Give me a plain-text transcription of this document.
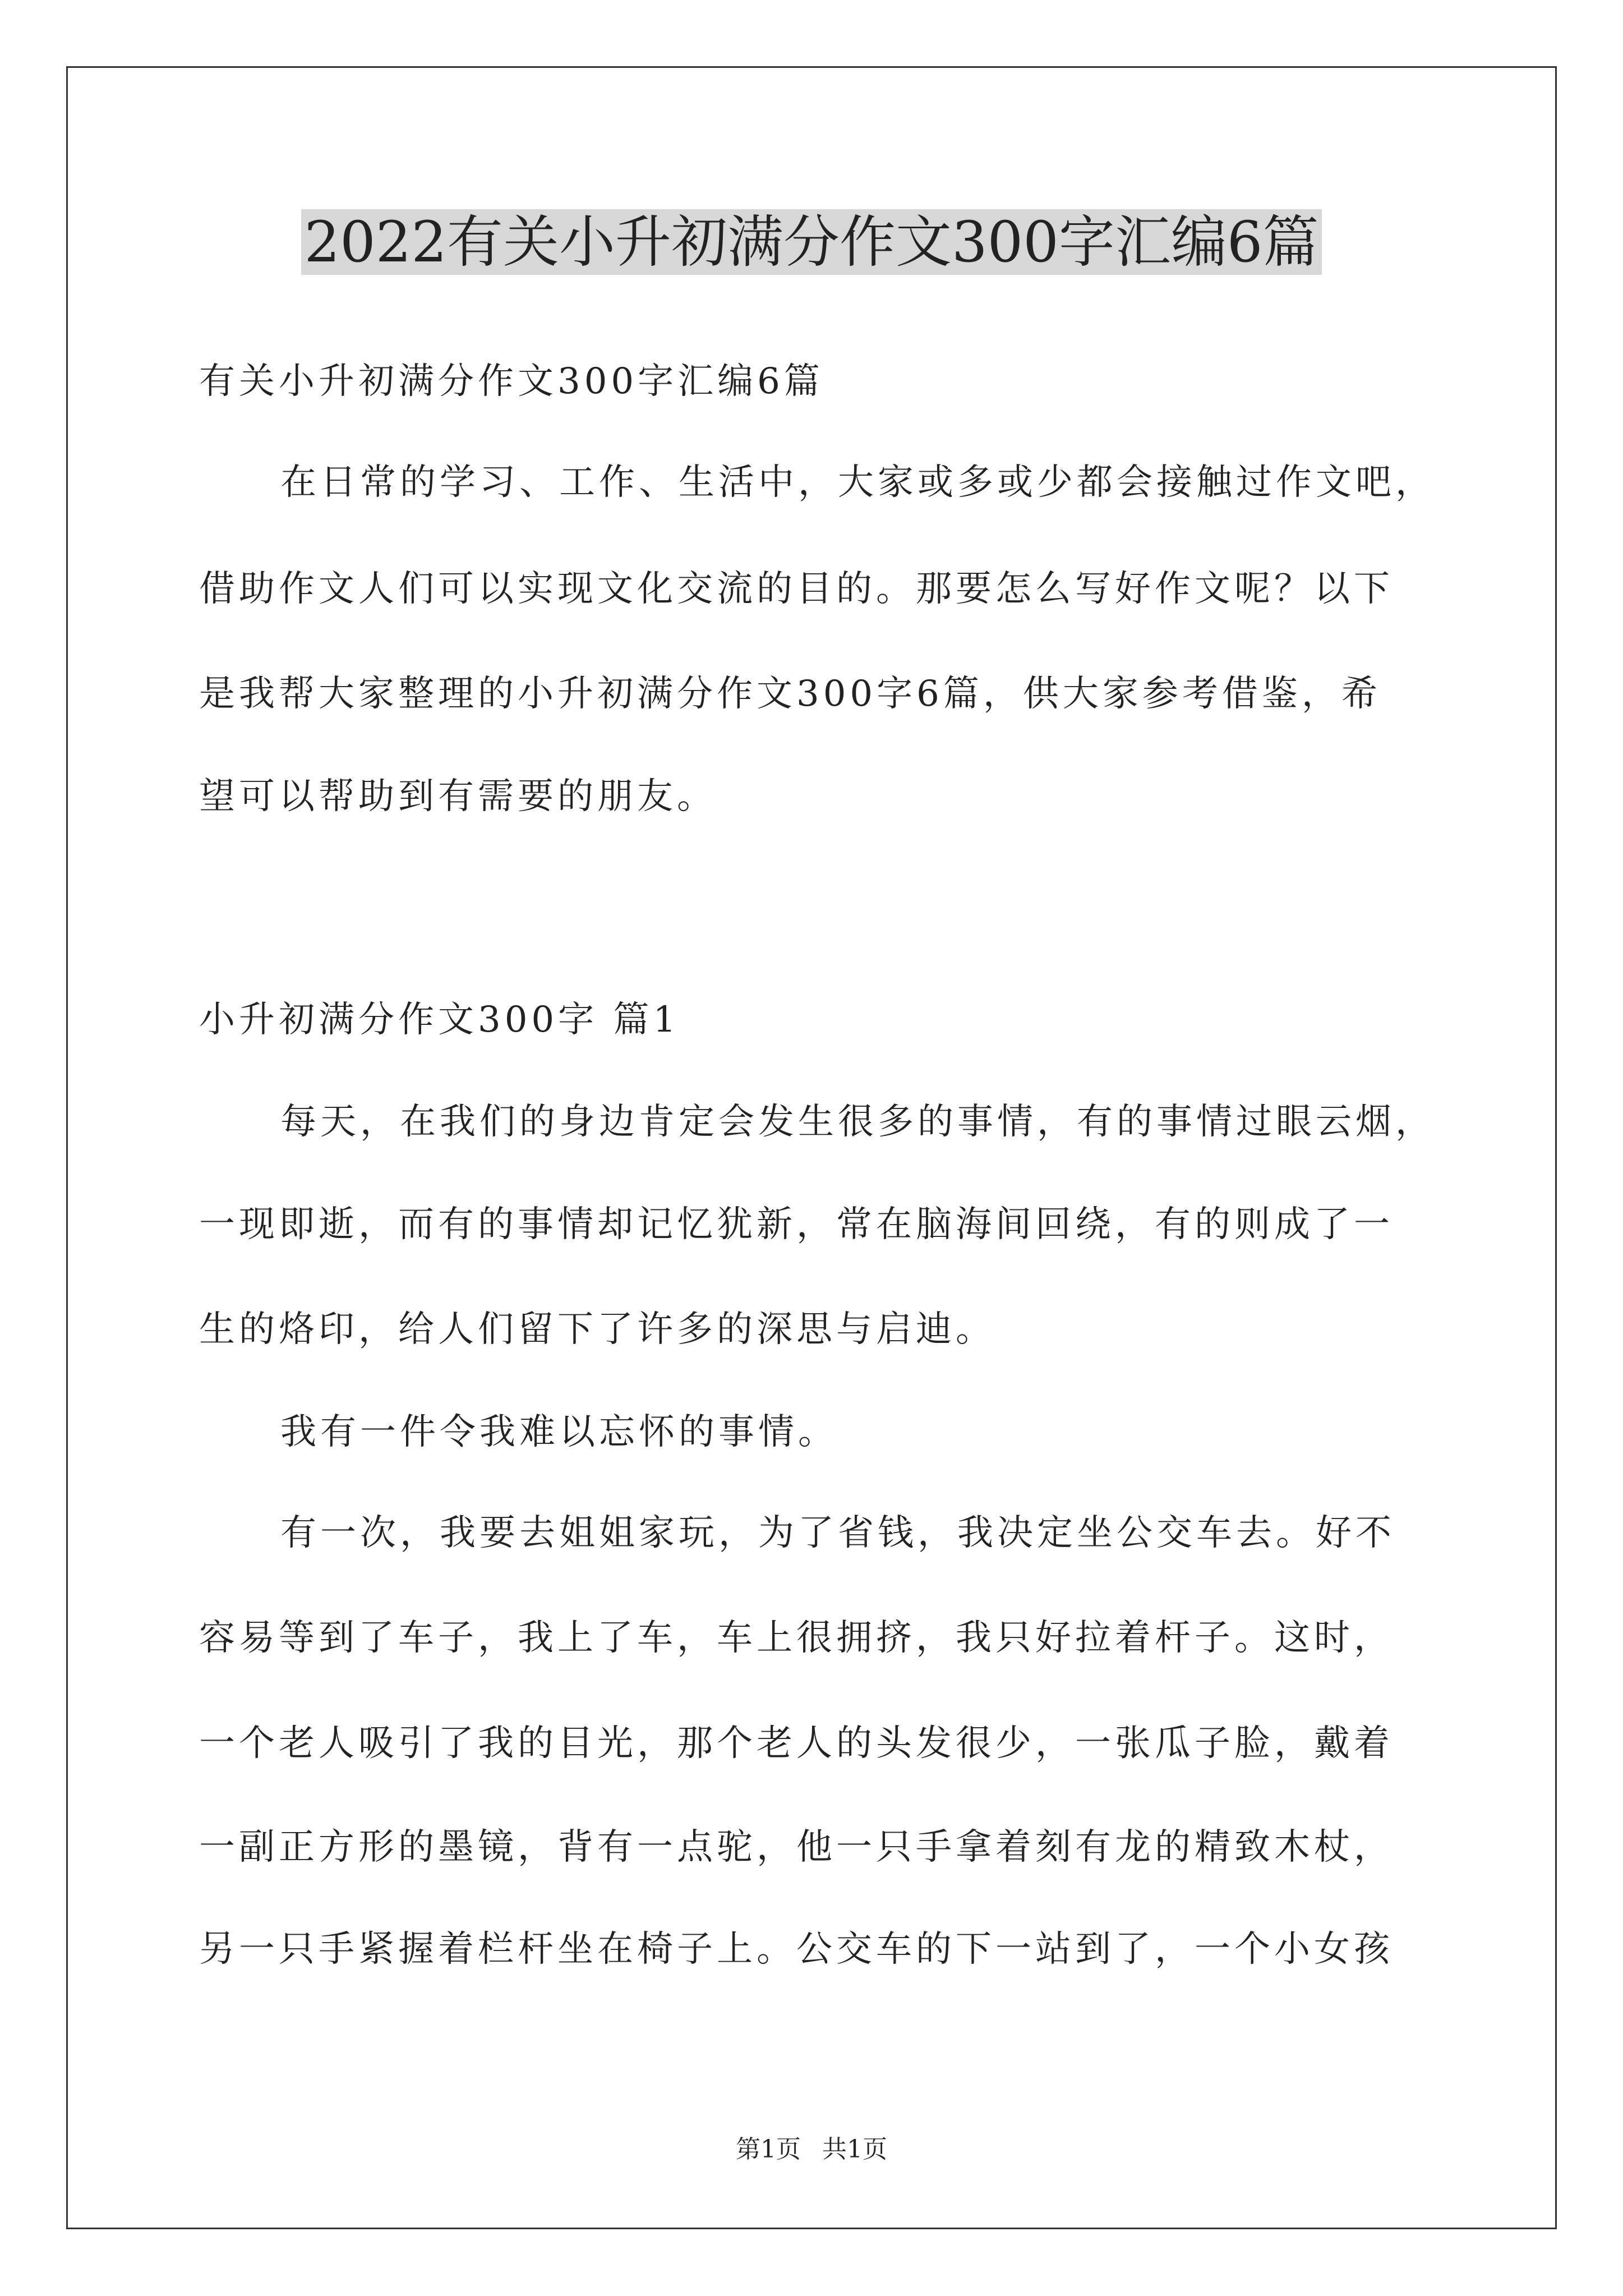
2022有关小升初满分作文300字汇编6篇
有关小升初满分作文300字汇编6篇
在日常的学习、工作、生活中，大家或多或少都会接触过作文吧，
借助作文人们可以实现文化交流的目的。那要怎么写好作文呢？以下
是我帮大家整理的小升初满分作文300字6篇，供大家参考借鉴，希
望可以帮助到有需要的朋友。
小升初满分作文300字 篇1
每天，在我们的身边肯定会发生很多的事情，有的事情过眼云烟，
一现即逝，而有的事情却记忆犹新，常在脑海间回绕，有的则成了一
生的烙印，给人们留下了许多的深思与启迪。
我有一件令我难以忘怀的事情。
有一次，我要去姐姐家玩，为了省钱，我决定坐公交车去。好不
容易等到了车子，我上了车，车上很拥挤，我只好拉着杆子。这时，
一个老人吸引了我的目光，那个老人的头发很少，一张瓜子脸，戴着
一副正方形的墨镜，背有一点驼，他一只手拿着刻有龙的精致木杖，
另一只手紧握着栏杆坐在椅子上。公交车的下一站到了，一个小女孩
第1页 共1页
